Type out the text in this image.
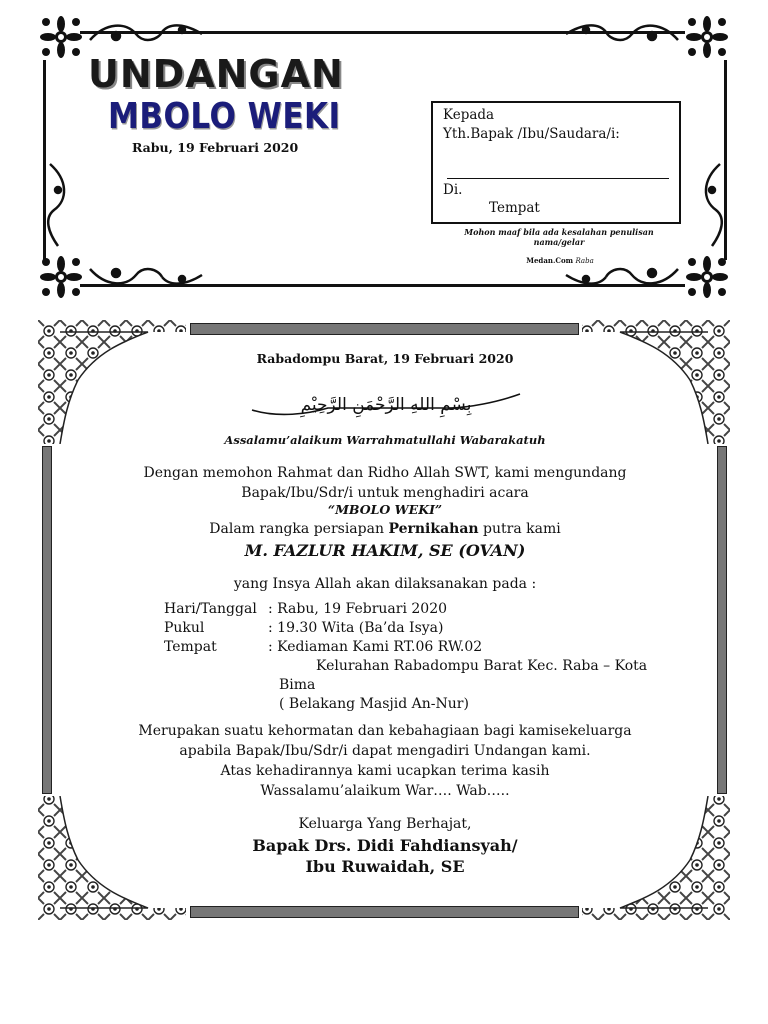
UNDANGAN
MBOLO WEKI
Rabu, 19 Februari 2020
Kepada
Yth.Bapak /Ibu/Saudara/i:
Di.
Tempat
Mohon maaf bila ada kesalahan penulisan nama/gelar
Medan.Com Raba
Rabadompu Barat, 19 Februari 2020
بِسْمِ اللهِ الرَّحْمَنِ الرَّحِيْمِ
Assalamu’alaikum Warrahmatullahi Wabarakatuh
Dengan memohon Rahmat dan Ridho Allah SWT, kami mengundang
Bapak/Ibu/Sdr/i untuk menghadiri acara
“MBOLO WEKI”
Dalam rangka persiapan Pernikahan putra kami
M. FAZLUR HAKIM, SE (OVAN)
yang Insya Allah akan dilaksanakan pada :
Hari/Tanggal : Rabu, 19 Februari 2020
Pukul	: 19.30 Wita (Ba’da Isya)
Tempat	: Kediaman Kami RT.06 RW.02
Kelurahan Rabadompu Barat Kec. Raba – Kota
Bima
( Belakang Masjid An-Nur)
Merupakan suatu kehormatan dan kebahagiaan bagi kamisekeluarga
apabila Bapak/Ibu/Sdr/i dapat mengadiri Undangan kami.
Atas kehadirannya kami ucapkan terima kasih
Wassalamu’alaikum War…. Wab…..
Keluarga Yang Berhajat,
Bapak Drs. Didi Fahdiansyah/
Ibu Ruwaidah, SE
